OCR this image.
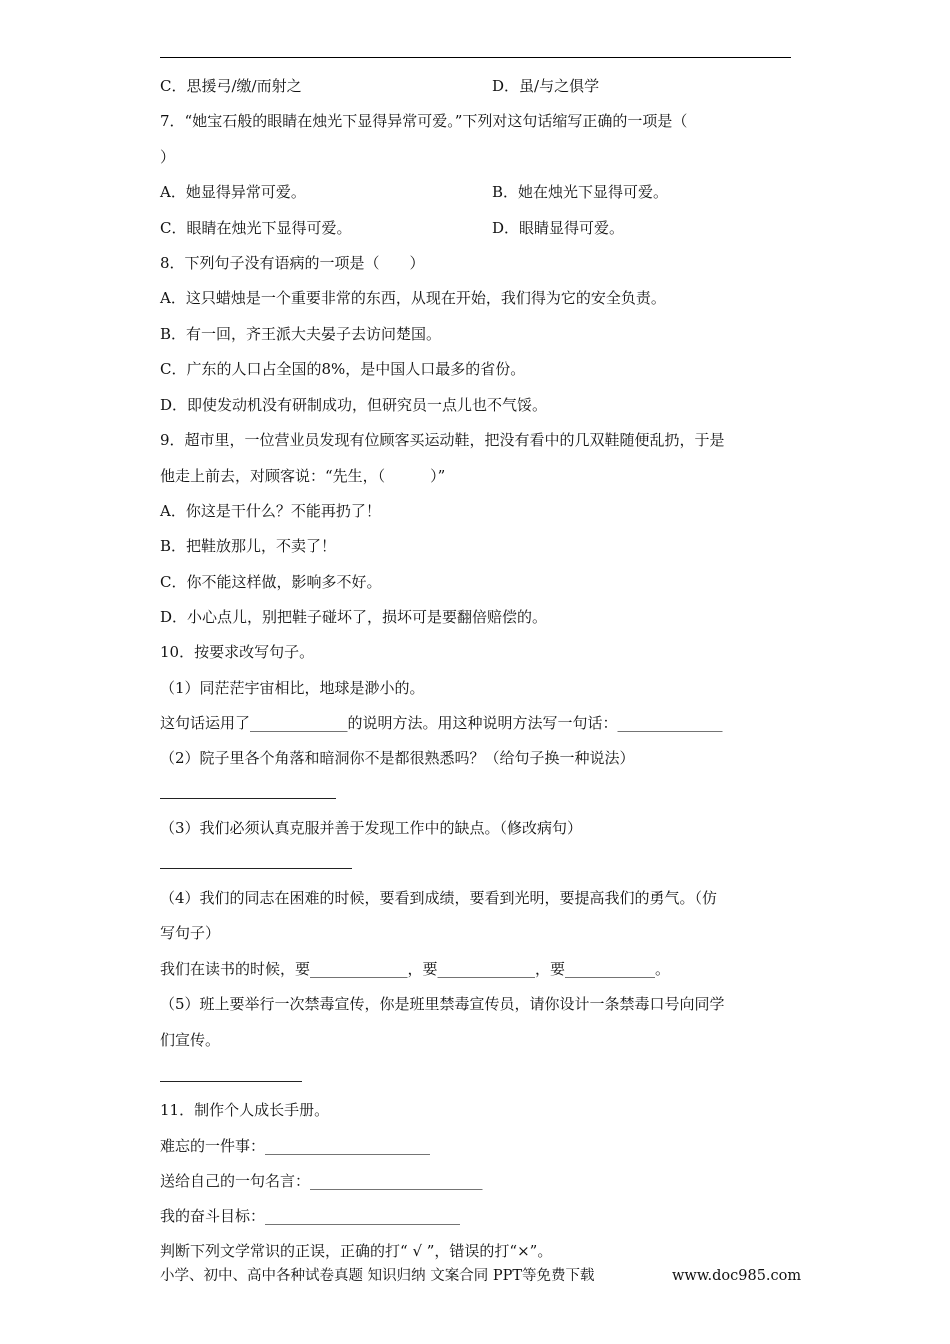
C．思援弓/缴/而射之	D．虽/与之俱学
7．“她宝石般的眼睛在烛光下显得异常可爱。”下列对这句话缩写正确的一项是（
）
A．她显得异常可爱。	B．她在烛光下显得可爱。
C．眼睛在烛光下显得可爱。	D．眼睛显得可爱。
8．下列句子没有语病的一项是（　　）
A．这只蜡烛是一个重要非常的东西，从现在开始，我们得为它的安全负责。
B．有一回，齐王派大夫晏子去访问楚国。
C．广东的人口占全国的8%，是中国人口最多的省份。
D．即使发动机没有研制成功，但研究员一点儿也不气馁。
9．超市里，一位营业员发现有位顾客买运动鞋，把没有看中的几双鞋随便乱扔，于是
他走上前去，对顾客说：“先生，（　　　）”
A．你这是干什么？不能再扔了！
B．把鞋放那儿，不卖了！
C．你不能这样做，影响多不好。
D．小心点儿，别把鞋子碰坏了，损坏可是要翻倍赔偿的。
10．按要求改写句子。
（1）同茫茫宇宙相比，地球是渺小的。
这句话运用了_____________的说明方法。用这种说明方法写一句话：______________
（2）院子里各个角落和暗洞你不是都很熟悉吗？（给句子换一种说法）
（3）我们必须认真克服并善于发现工作中的缺点。（修改病句）
（4）我们的同志在困难的时候，要看到成绩，要看到光明，要提高我们的勇气。（仿
写句子）
我们在读书的时候，要_____________，要_____________，要____________。
（5）班上要举行一次禁毒宣传，你是班里禁毒宣传员，请你设计一条禁毒口号向同学
们宣传。
11．制作个人成长手册。
难忘的一件事：______________________
送给自己的一句名言：_______________________
我的奋斗目标：__________________________
判断下列文学常识的正误，正确的打“ √ ”，错误的打“×”。
小学、初中、高中各种试卷真题 知识归纳 文案合同 PPT等免费下载	www.doc985.com
